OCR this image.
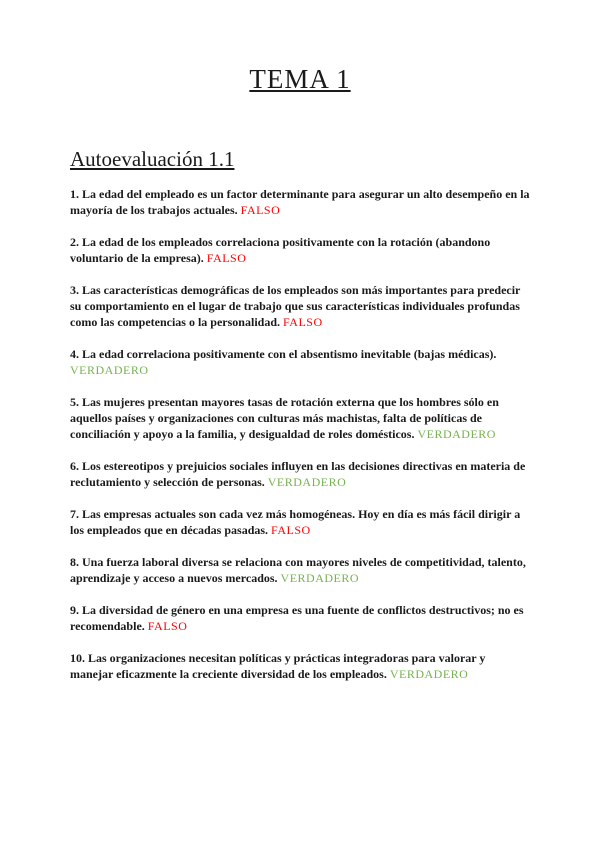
TEMA 1
Autoevaluación 1.1

1. La edad del empleado es un factor determinante para asegurar un alto desempeño en la mayoría de los trabajos actuales. FALSO

2. La edad de los empleados correlaciona positivamente con la rotación (abandono voluntario de la empresa). FALSO

3. Las características demográficas de los empleados son más importantes para predecir su comportamiento en el lugar de trabajo que sus características individuales profundas como las competencias o la personalidad. FALSO

4. La edad correlaciona positivamente con el absentismo inevitable (bajas médicas). VERDADERO

5. Las mujeres presentan mayores tasas de rotación externa que los hombres sólo en aquellos países y organizaciones con culturas más machistas, falta de políticas de conciliación y apoyo a la familia, y desigualdad de roles domésticos. VERDADERO

6. Los estereotipos y prejuicios sociales influyen en las decisiones directivas en materia de reclutamiento y selección de personas. VERDADERO

7. Las empresas actuales son cada vez más homogéneas. Hoy en día es más fácil dirigir a los empleados que en décadas pasadas. FALSO

8. Una fuerza laboral diversa se relaciona con mayores niveles de competitividad, talento, aprendizaje y acceso a nuevos mercados. VERDADERO

9. La diversidad de género en una empresa es una fuente de conflictos destructivos; no es recomendable. FALSO

10. Las organizaciones necesitan políticas y prácticas integradoras para valorar y manejar eficazmente la creciente diversidad de los empleados. VERDADERO
